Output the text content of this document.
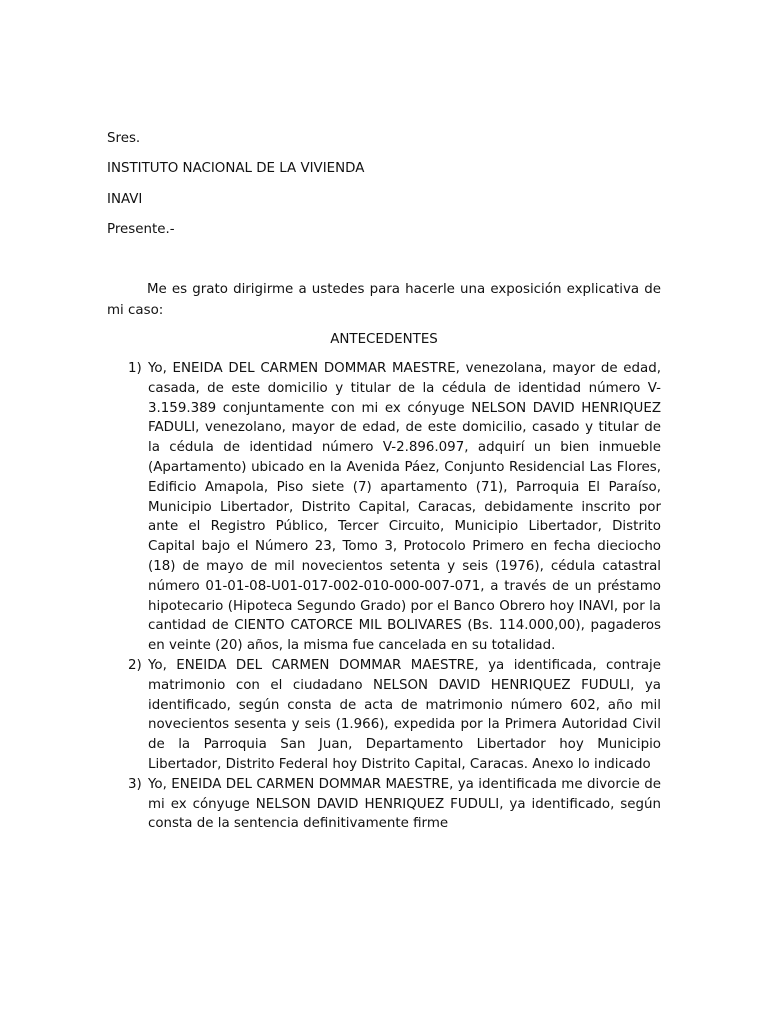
Sres.
INSTITUTO NACIONAL DE LA VIVIENDA
INAVI
Presente.-

Me es grato dirigirme a ustedes para hacerle una exposición explicativa de mi caso:

ANTECEDENTES
1) Yo, ENEIDA DEL CARMEN DOMMAR MAESTRE, venezolana, mayor de edad, casada, de este domicilio y titular de la cédula de identidad número V-3.159.389 conjuntamente con mi ex cónyuge NELSON DAVID HENRIQUEZ FADULI, venezolano, mayor de edad, de este domicilio, casado y titular de la cédula de identidad número V-2.896.097, adquirí un bien inmueble (Apartamento) ubicado en la Avenida Páez, Conjunto Residencial Las Flores, Edificio Amapola, Piso siete (7) apartamento (71), Parroquia El Paraíso, Municipio Libertador, Distrito Capital, Caracas, debidamente inscrito por ante el Registro Público, Tercer Circuito, Municipio Libertador, Distrito Capital bajo el Número 23, Tomo 3, Protocolo Primero en fecha dieciocho (18) de mayo de mil novecientos setenta y seis (1976), cédula catastral número 01-01-08-U01-017-002-010-000-007-071, a través de un préstamo hipotecario (Hipoteca Segundo Grado) por el Banco Obrero hoy INAVI, por la cantidad de CIENTO CATORCE MIL BOLIVARES (Bs. 114.000,00), pagaderos en veinte (20) años, la misma fue cancelada en su totalidad.
2) Yo, ENEIDA DEL CARMEN DOMMAR MAESTRE, ya identificada, contraje matrimonio con el ciudadano NELSON DAVID HENRIQUEZ FUDULI, ya identificado, según consta de acta de matrimonio número 602, año mil novecientos sesenta y seis (1.966), expedida por la Primera Autoridad Civil de la Parroquia San Juan, Departamento Libertador hoy Municipio Libertador, Distrito Federal hoy Distrito Capital, Caracas. Anexo lo indicado
3) Yo, ENEIDA DEL CARMEN DOMMAR MAESTRE, ya identificada me divorcie de mi ex cónyuge NELSON DAVID HENRIQUEZ FUDULI, ya identificado, según consta de la sentencia definitivamente firme
